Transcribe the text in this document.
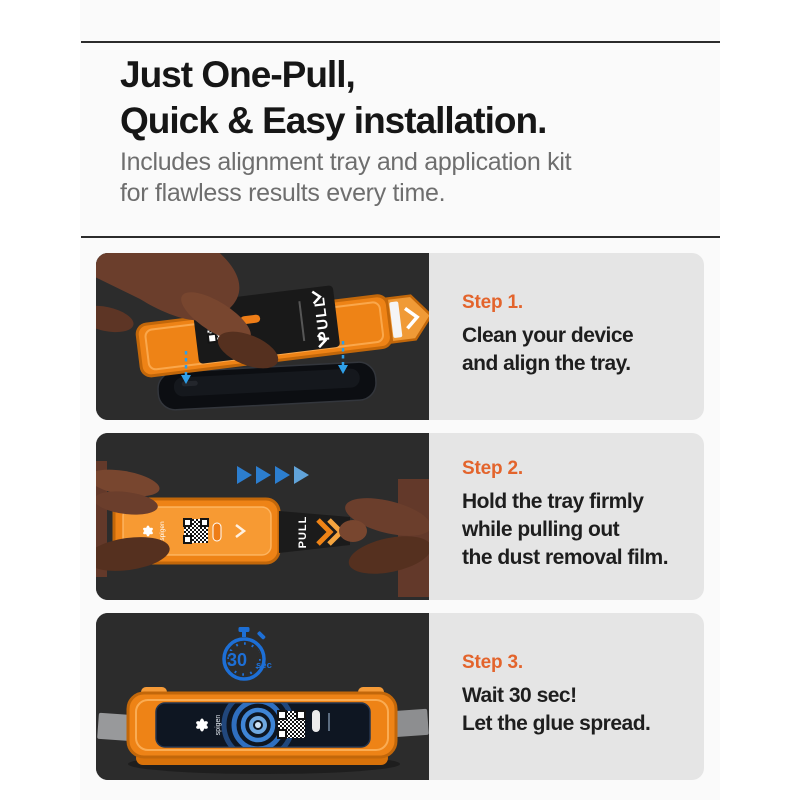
Just One-Pull,
Quick & Easy installation.
Includes alignment tray and application kit
for flawless results every time.
PULL	Step 1.
Clean your device
and align the tray.
spigen	PULL
Step 2.
Hold the tray firmly
while pulling out
the dust removal film.
30 sec
spigen
Step 3.
Wait 30 sec!
Let the glue spread.
